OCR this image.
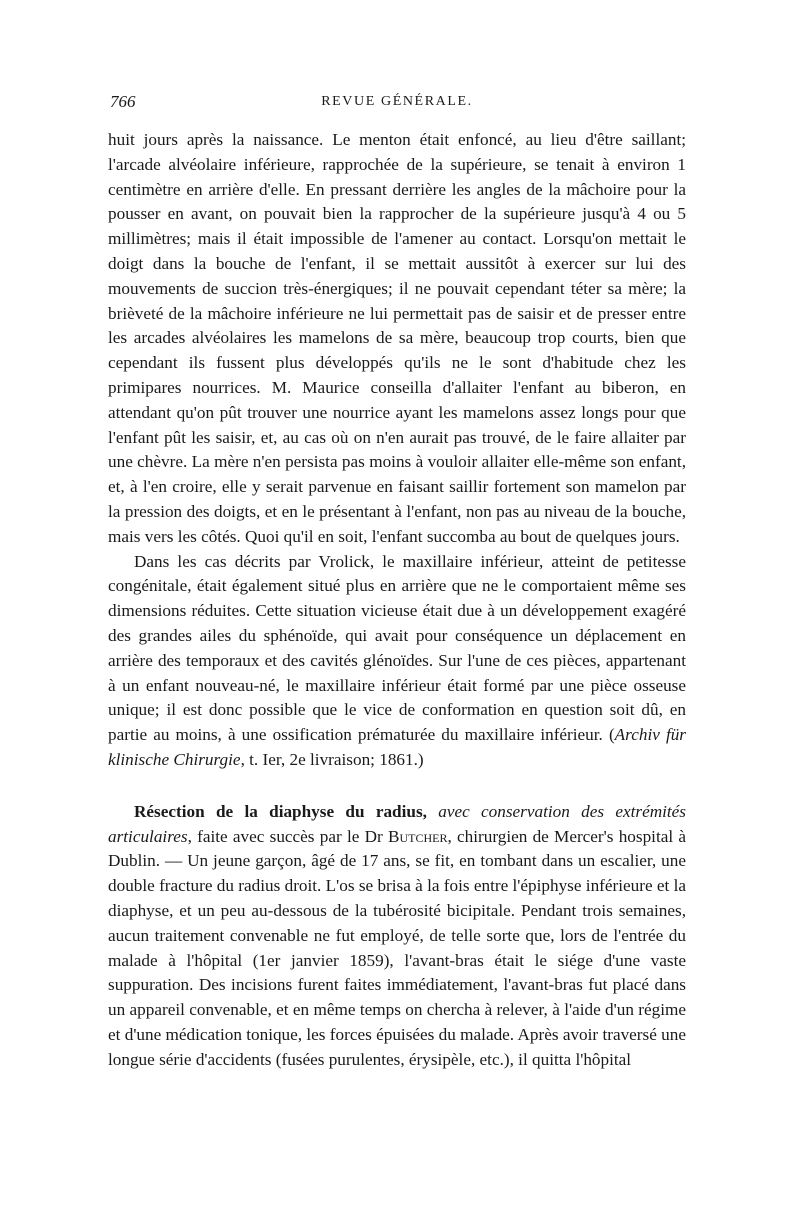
766	REVUE GÉNÉRALE.

huit jours après la naissance. Le menton était enfoncé, au lieu d'être saillant; l'arcade alvéolaire inférieure, rapprochée de la supérieure, se tenait à environ 1 centimètre en arrière d'elle. En pressant derrière les angles de la mâchoire pour la pousser en avant, on pouvait bien la rapprocher de la supérieure jusqu'à 4 ou 5 millimètres; mais il était impossible de l'amener au contact. Lorsqu'on mettait le doigt dans la bouche de l'enfant, il se mettait aussitôt à exercer sur lui des mouvements de succion très-énergiques; il ne pouvait cependant téter sa mère; la brièveté de la mâchoire inférieure ne lui permettait pas de saisir et de presser entre les arcades alvéolaires les mamelons de sa mère, beaucoup trop courts, bien que cependant ils fussent plus développés qu'ils ne le sont d'habitude chez les primipares nourrices. M. Maurice conseilla d'allaiter l'enfant au biberon, en attendant qu'on pût trouver une nourrice ayant les mamelons assez longs pour que l'enfant pût les saisir, et, au cas où on n'en aurait pas trouvé, de le faire allaiter par une chèvre. La mère n'en persista pas moins à vouloir allaiter elle-même son enfant, et, à l'en croire, elle y serait parvenue en faisant saillir fortement son mamelon par la pression des doigts, et en le présentant à l'enfant, non pas au niveau de la bouche, mais vers les côtés. Quoi qu'il en soit, l'enfant succomba au bout de quelques jours.

Dans les cas décrits par Vrolick, le maxillaire inférieur, atteint de petitesse congénitale, était également situé plus en arrière que ne le comportaient même ses dimensions réduites. Cette situation vicieuse était due à un développement exagéré des grandes ailes du sphénoïde, qui avait pour conséquence un déplacement en arrière des temporaux et des cavités glénoïdes. Sur l'une de ces pièces, appartenant à un enfant nouveau-né, le maxillaire inférieur était formé par une pièce osseuse unique; il est donc possible que le vice de conformation en question soit dû, en partie au moins, à une ossification prématurée du maxillaire inférieur. (Archiv für klinische Chirurgie, t. Ier, 2e livraison; 1861.)

Résection de la diaphyse du radius, avec conservation des extrémités articulaires, faite avec succès par le Dr Butcher, chirurgien de Mercer's hospital à Dublin. — Un jeune garçon, âgé de 17 ans, se fit, en tombant dans un escalier, une double fracture du radius droit. L'os se brisa à la fois entre l'épiphyse inférieure et la diaphyse, et un peu au-dessous de la tubérosité bicipitale. Pendant trois semaines, aucun traitement convenable ne fut employé, de telle sorte que, lors de l'entrée du malade à l'hôpital (1er janvier 1859), l'avant-bras était le siége d'une vaste suppuration. Des incisions furent faites immédiatement, l'avant-bras fut placé dans un appareil convenable, et en même temps on chercha à relever, à l'aide d'un régime et d'une médication tonique, les forces épuisées du malade. Après avoir traversé une longue série d'accidents (fusées purulentes, érysipèle, etc.), il quitta l'hôpital
